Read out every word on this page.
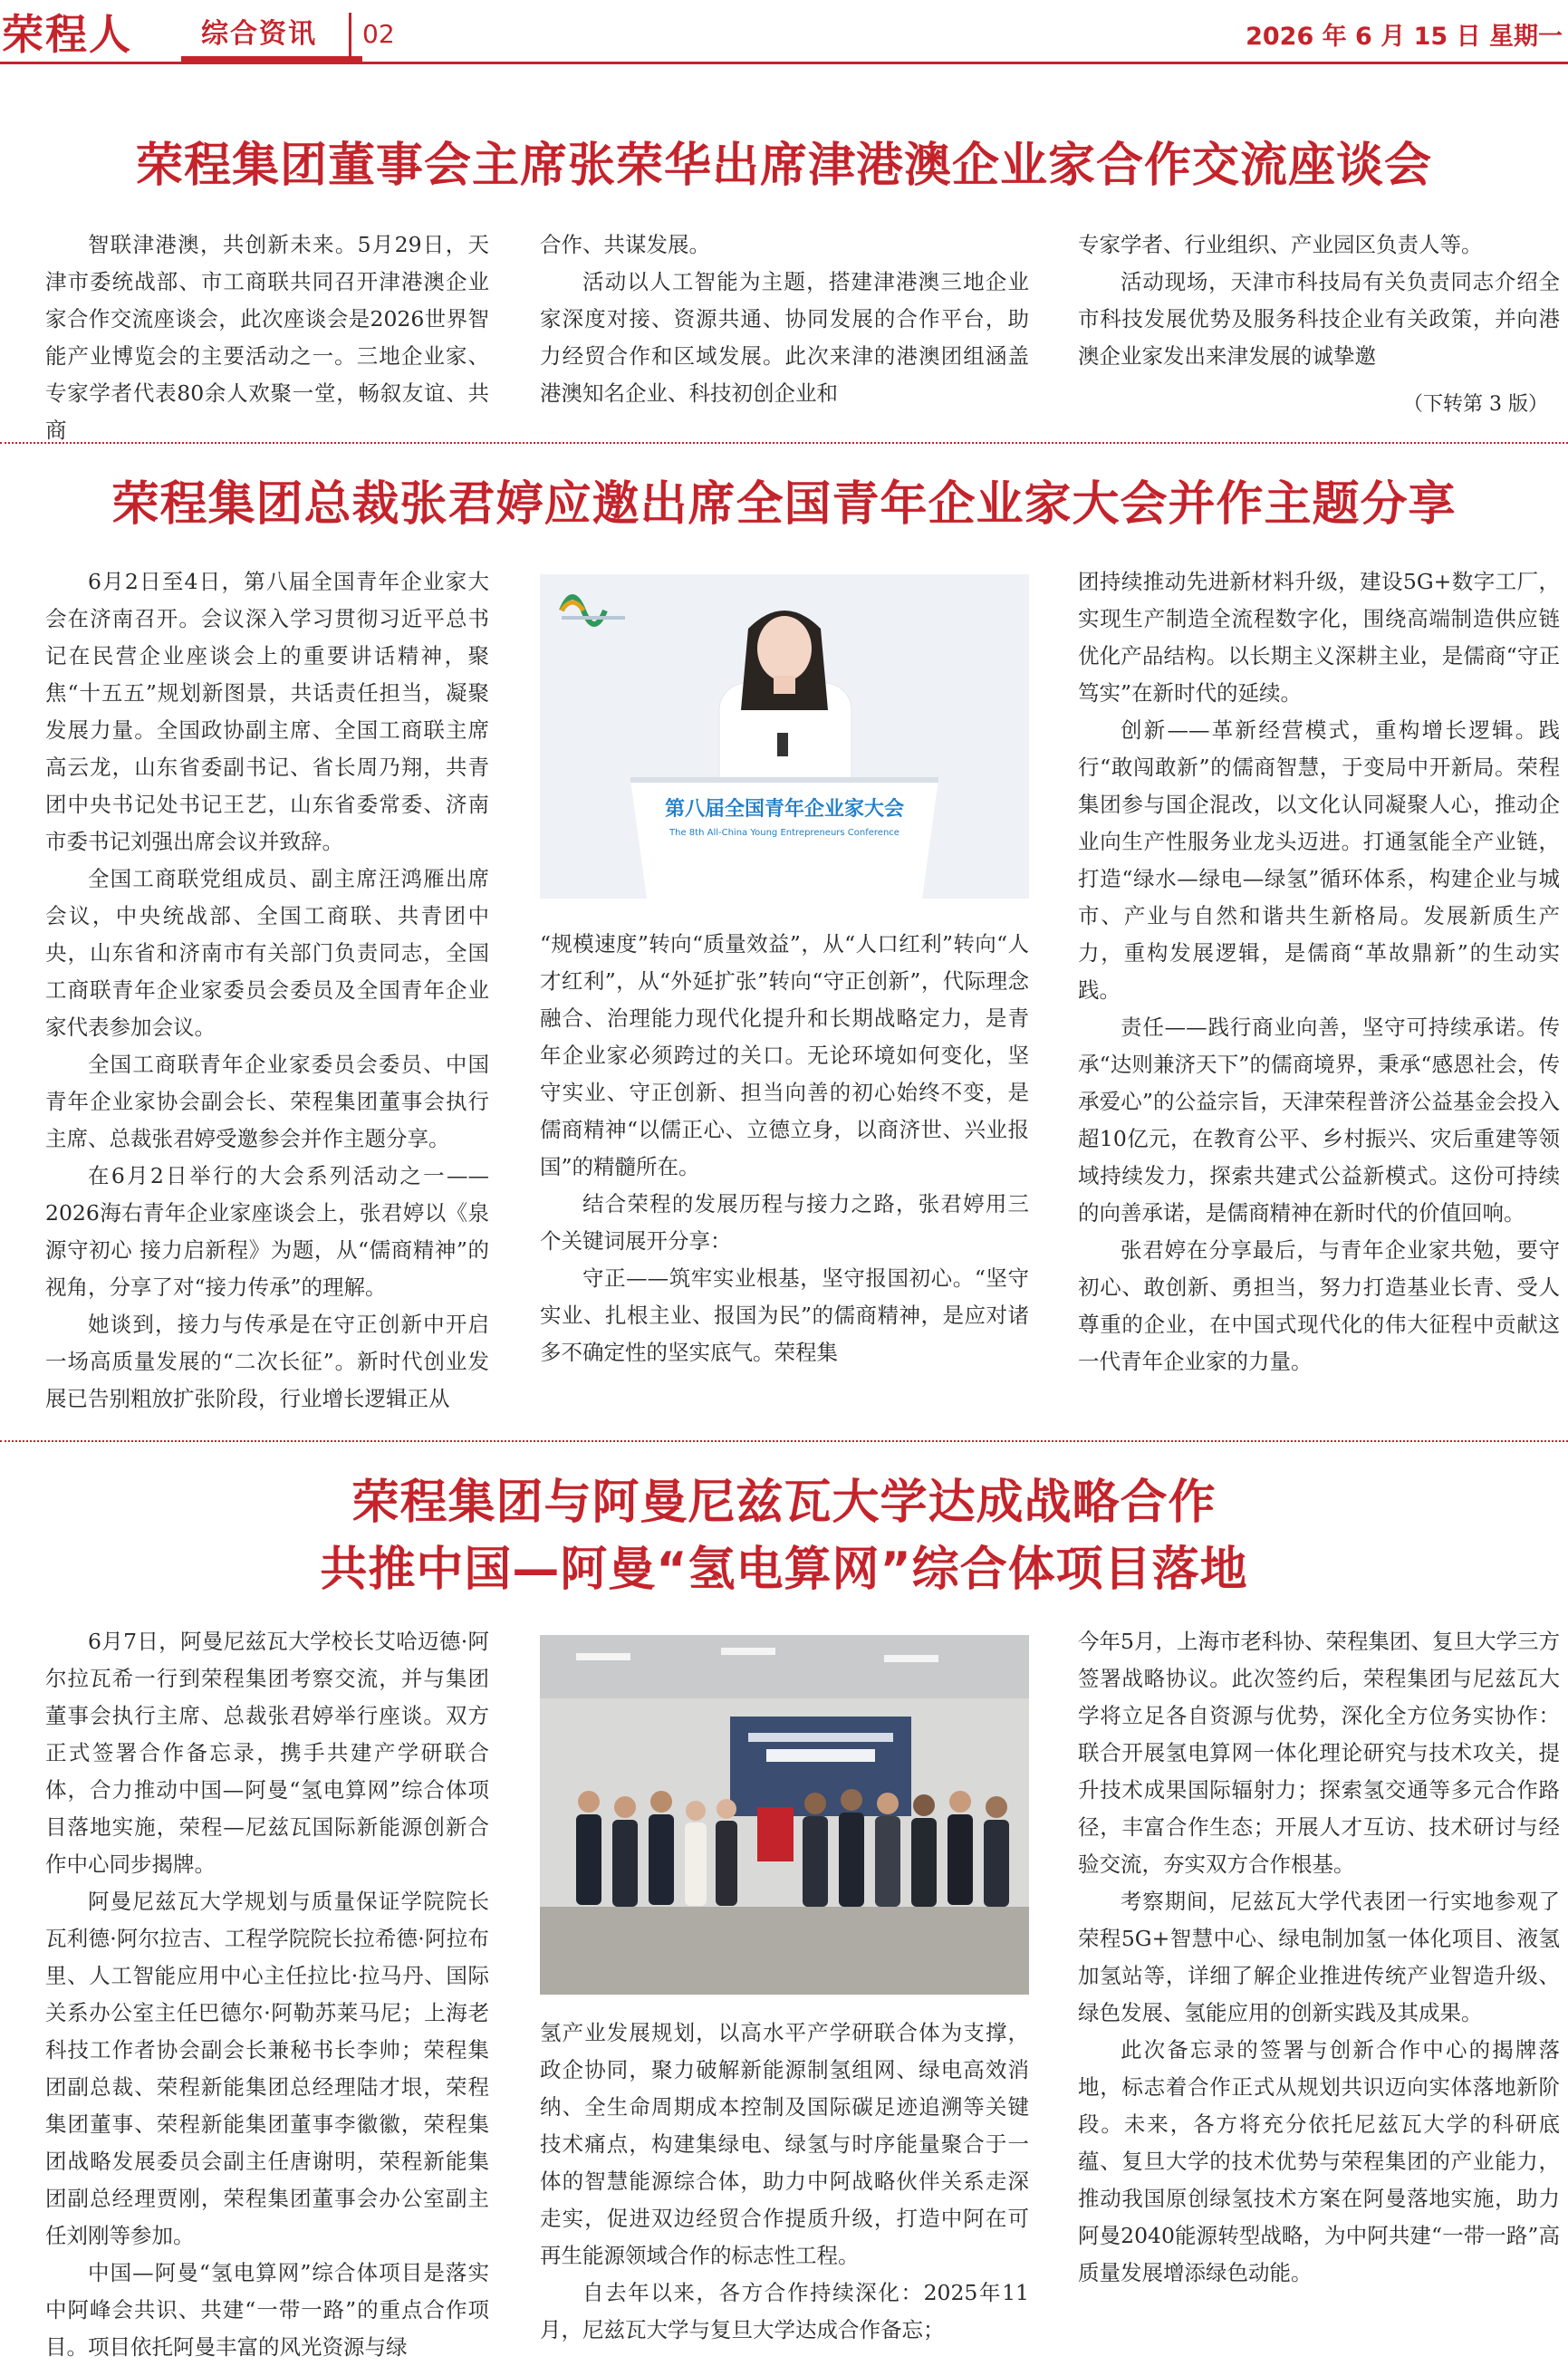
荣程人	综合资讯 02	2026 年 6 月 15 日 星期一
荣程集团董事会主席张荣华出席津港澳企业家合作交流座谈会

智联津港澳，共创新未来。5月29日，天津市委统战部、市工商联共同召开津港澳企业家合作交流座谈会，此次座谈会是2026世界智能产业博览会的主要活动之一。三地企业家、专家学者代表80余人欢聚一堂，畅叙友谊、共商

合作、共谋发展。

活动以人工智能为主题，搭建津港澳三地企业家深度对接、资源共通、协同发展的合作平台，助力经贸合作和区域发展。此次来津的港澳团组涵盖港澳知名企业、科技初创企业和

专家学者、行业组织、产业园区负责人等。

活动现场，天津市科技局有关负责同志介绍全市科技发展优势及服务科技企业有关政策，并向港澳企业家发出来津发展的诚挚邀

（下转第 3 版）
荣程集团总裁张君婷应邀出席全国青年企业家大会并作主题分享

6月2日至4日，第八届全国青年企业家大会在济南召开。会议深入学习贯彻习近平总书记在民营企业座谈会上的重要讲话精神，聚焦“十五五”规划新图景，共话责任担当，凝聚发展力量。全国政协副主席、全国工商联主席高云龙，山东省委副书记、省长周乃翔，共青团中央书记处书记王艺，山东省委常委、济南市委书记刘强出席会议并致辞。

全国工商联党组成员、副主席汪鸿雁出席会议，中央统战部、全国工商联、共青团中央，山东省和济南市有关部门负责同志，全国工商联青年企业家委员会委员及全国青年企业家代表参加会议。

全国工商联青年企业家委员会委员、中国青年企业家协会副会长、荣程集团董事会执行主席、总裁张君婷受邀参会并作主题分享。

在6月2日举行的大会系列活动之一——2026海右青年企业家座谈会上，张君婷以《泉源守初心 接力启新程》为题，从“儒商精神”的视角，分享了对“接力传承”的理解。

她谈到，接力与传承是在守正创新中开启一场高质量发展的“二次长征”。新时代创业发展已告别粗放扩张阶段，行业增长逻辑正从

第八届全国青年企业家大会
The 8th All-China Young Entrepreneurs Conference

“规模速度”转向“质量效益”，从“人口红利”转向“人才红利”，从“外延扩张”转向“守正创新”，代际理念融合、治理能力现代化提升和长期战略定力，是青年企业家必须跨过的关口。无论环境如何变化，坚守实业、守正创新、担当向善的初心始终不变，是儒商精神“以儒正心、立德立身，以商济世、兴业报国”的精髓所在。

结合荣程的发展历程与接力之路，张君婷用三个关键词展开分享：

守正——筑牢实业根基，坚守报国初心。“坚守实业、扎根主业、报国为民”的儒商精神，是应对诸多不确定性的坚实底气。荣程集

团持续推动先进新材料升级，建设5G+数字工厂，实现生产制造全流程数字化，围绕高端制造供应链优化产品结构。以长期主义深耕主业，是儒商“守正笃实”在新时代的延续。

创新——革新经营模式，重构增长逻辑。践行“敢闯敢新”的儒商智慧，于变局中开新局。荣程集团参与国企混改，以文化认同凝聚人心，推动企业向生产性服务业龙头迈进。打通氢能全产业链，打造“绿水—绿电—绿氢”循环体系，构建企业与城市、产业与自然和谐共生新格局。发展新质生产力，重构发展逻辑，是儒商“革故鼎新”的生动实践。

责任——践行商业向善，坚守可持续承诺。传承“达则兼济天下”的儒商境界，秉承“感恩社会，传承爱心”的公益宗旨，天津荣程普济公益基金会投入超10亿元，在教育公平、乡村振兴、灾后重建等领域持续发力，探索共建式公益新模式。这份可持续的向善承诺，是儒商精神在新时代的价值回响。

张君婷在分享最后，与青年企业家共勉，要守初心、敢创新、勇担当，努力打造基业长青、受人尊重的企业，在中国式现代化的伟大征程中贡献这一代青年企业家的力量。

荣程集团与阿曼尼兹瓦大学达成战略合作
共推中国—阿曼“氢电算网”综合体项目落地

6月7日，阿曼尼兹瓦大学校长艾哈迈德·阿尔拉瓦希一行到荣程集团考察交流，并与集团董事会执行主席、总裁张君婷举行座谈。双方正式签署合作备忘录，携手共建产学研联合体，合力推动中国—阿曼“氢电算网”综合体项目落地实施，荣程—尼兹瓦国际新能源创新合作中心同步揭牌。

阿曼尼兹瓦大学规划与质量保证学院院长瓦利德·阿尔拉吉、工程学院院长拉希德·阿拉布里、人工智能应用中心主任拉比·拉马丹、国际关系办公室主任巴德尔·阿勒苏莱马尼；上海老科技工作者协会副会长兼秘书长李帅；荣程集团副总裁、荣程新能集团总经理陆才垠，荣程集团董事、荣程新能集团董事李徽徽，荣程集团战略发展委员会副主任唐谢明，荣程新能集团副总经理贾刚，荣程集团董事会办公室副主任刘刚等参加。

中国—阿曼“氢电算网”综合体项目是落实中阿峰会共识、共建“一带一路”的重点合作项目。项目依托阿曼丰富的风光资源与绿

氢产业发展规划，以高水平产学研联合体为支撑，政企协同，聚力破解新能源制氢组网、绿电高效消纳、全生命周期成本控制及国际碳足迹追溯等关键技术痛点，构建集绿电、绿氢与时序能量聚合于一体的智慧能源综合体，助力中阿战略伙伴关系走深走实，促进双边经贸合作提质升级，打造中阿在可再生能源领域合作的标志性工程。

自去年以来，各方合作持续深化：2025年11月，尼兹瓦大学与复旦大学达成合作备忘；

今年5月，上海市老科协、荣程集团、复旦大学三方签署战略协议。此次签约后，荣程集团与尼兹瓦大学将立足各自资源与优势，深化全方位务实协作：联合开展氢电算网一体化理论研究与技术攻关，提升技术成果国际辐射力；探索氢交通等多元合作路径，丰富合作生态；开展人才互访、技术研讨与经验交流，夯实双方合作根基。

考察期间，尼兹瓦大学代表团一行实地参观了荣程5G+智慧中心、绿电制加氢一体化项目、液氢加氢站等，详细了解企业推进传统产业智造升级、绿色发展、氢能应用的创新实践及其成果。

此次备忘录的签署与创新合作中心的揭牌落地，标志着合作正式从规划共识迈向实体落地新阶段。未来，各方将充分依托尼兹瓦大学的科研底蕴、复旦大学的技术优势与荣程集团的产业能力，推动我国原创绿氢技术方案在阿曼落地实施，助力阿曼2040能源转型战略，为中阿共建“一带一路”高质量发展增添绿色动能。
